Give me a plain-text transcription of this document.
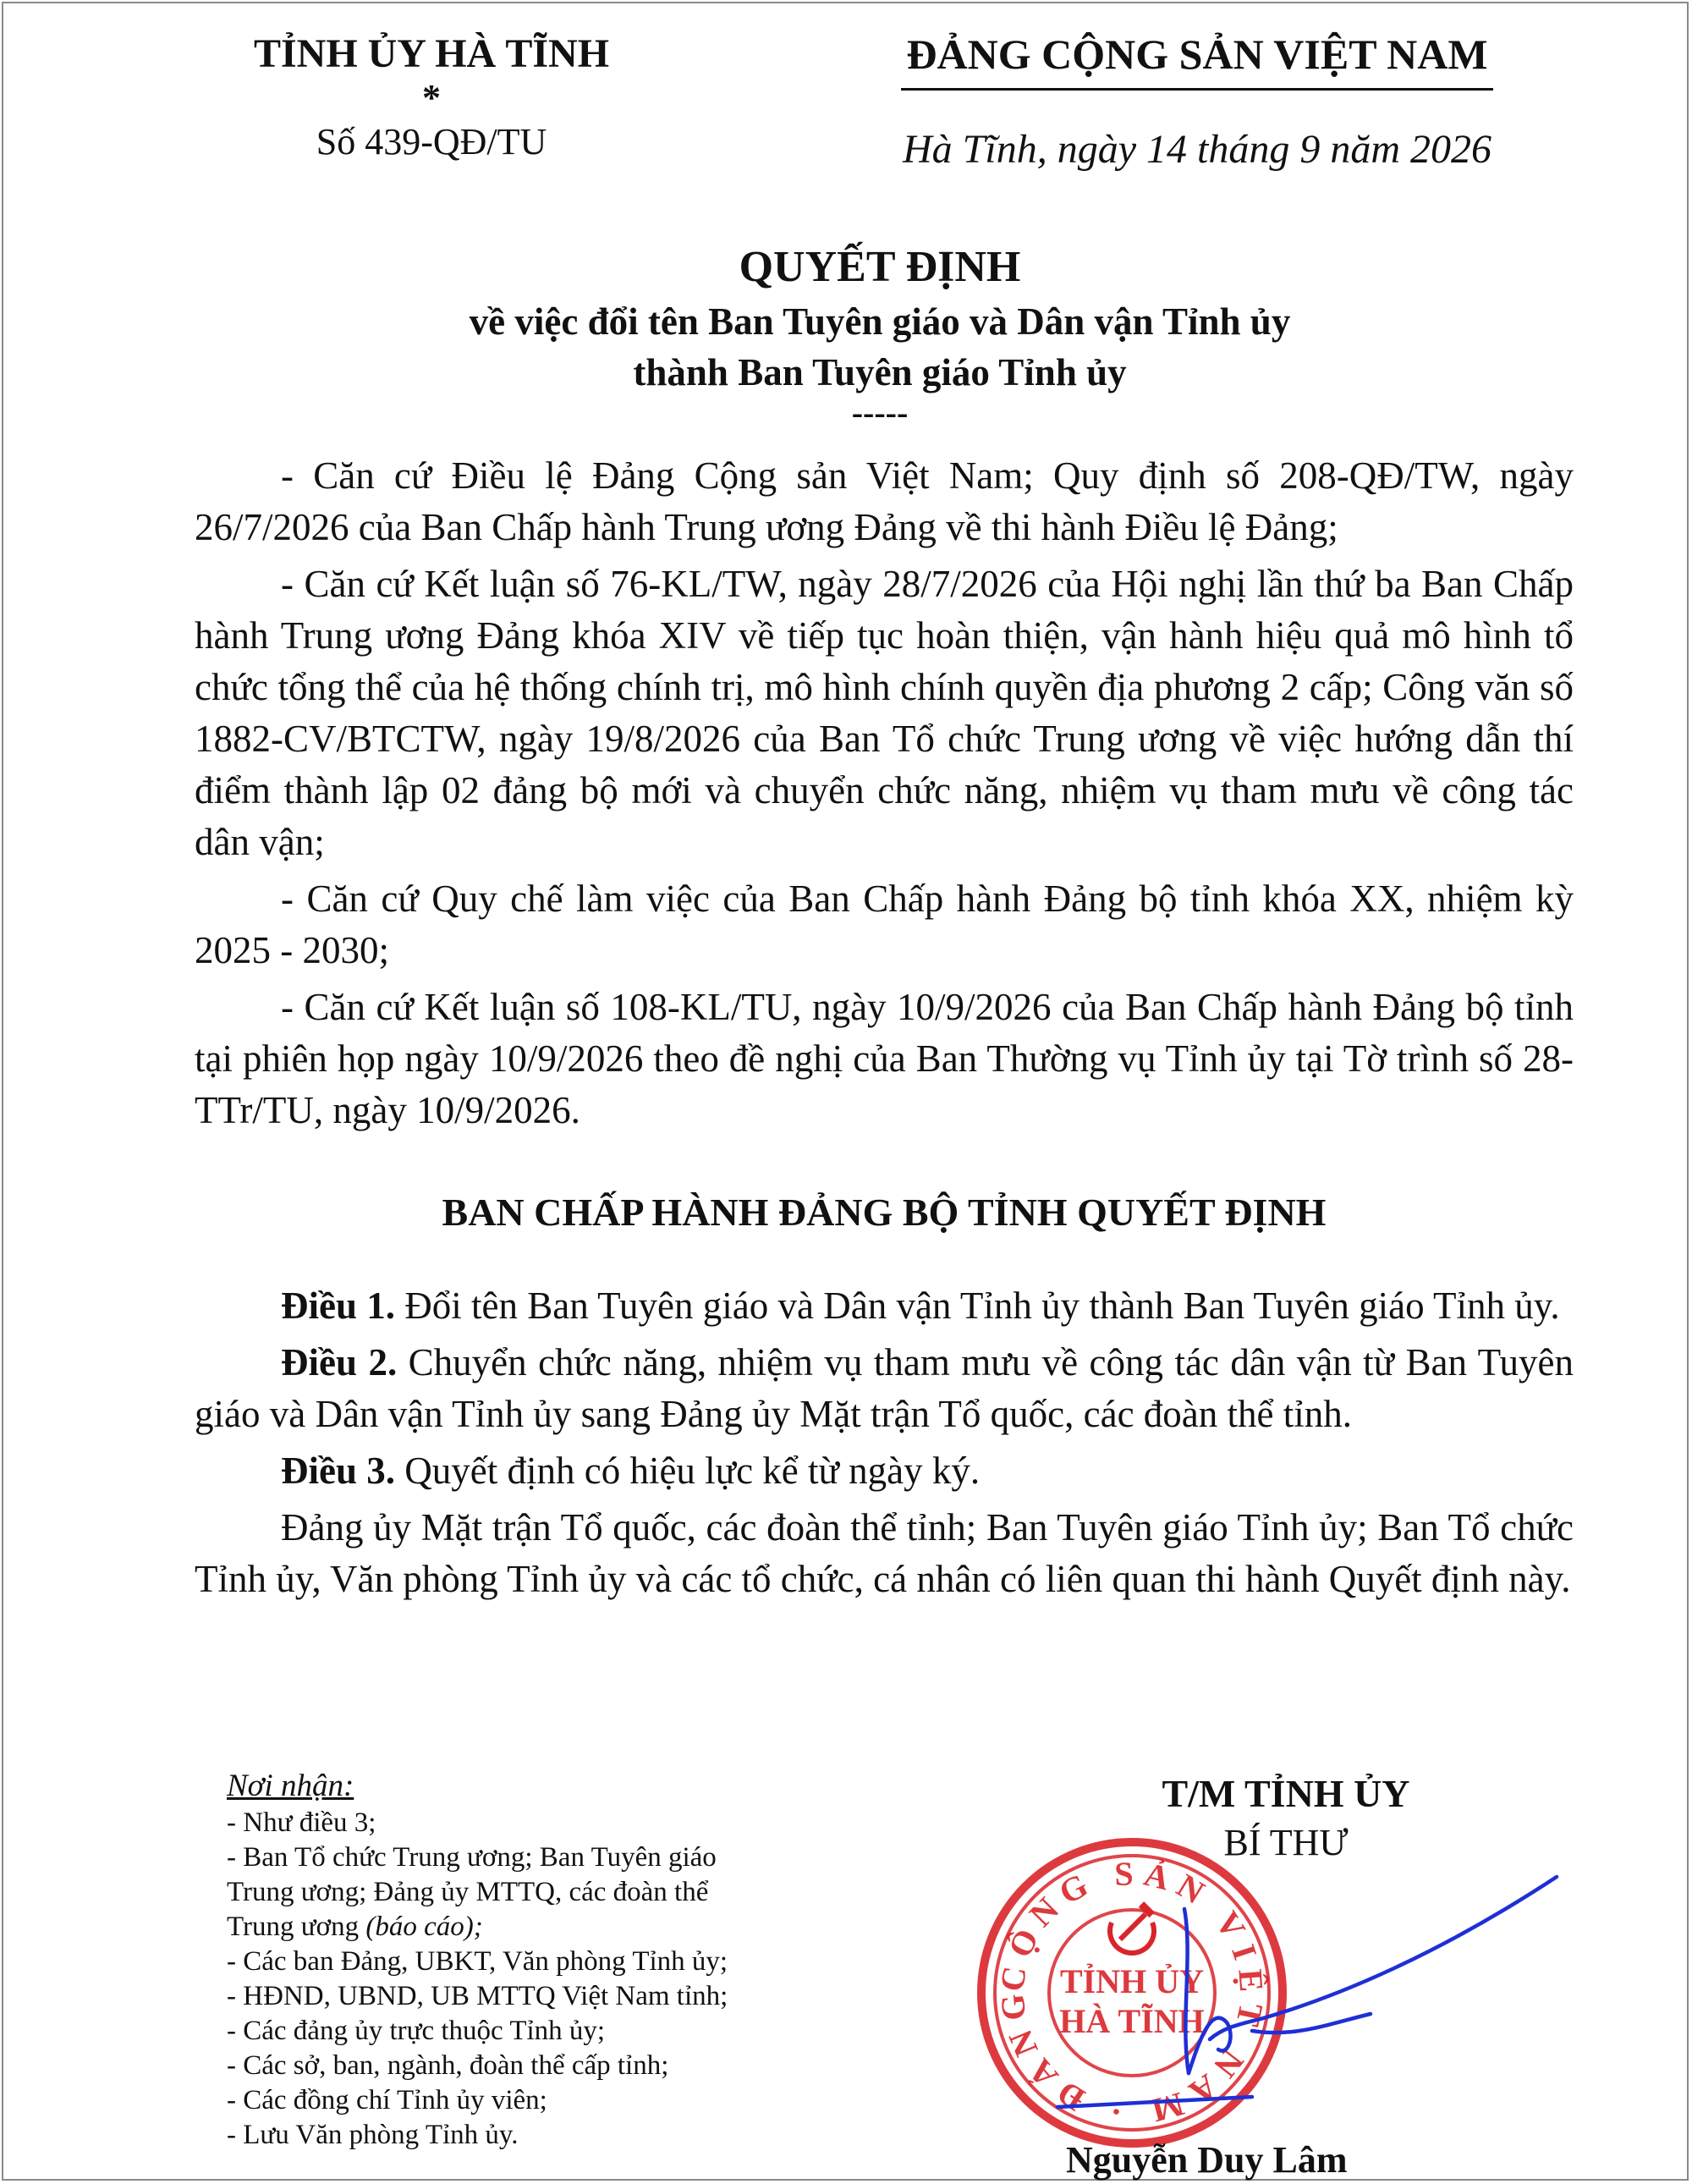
TỈNH ỦY HÀ TĨNH
*
Số 439-QĐ/TU
ĐẢNG CỘNG SẢN VIỆT NAM
Hà Tĩnh, ngày 14 tháng 9 năm 2026
QUYẾT ĐỊNH
về việc đổi tên Ban Tuyên giáo và Dân vận Tỉnh ủy
thành Ban Tuyên giáo Tỉnh ủy
-----

- Căn cứ Điều lệ Đảng Cộng sản Việt Nam; Quy định số 208-QĐ/TW, ngày 26/7/2026 của Ban Chấp hành Trung ương Đảng về thi hành Điều lệ Đảng;

- Căn cứ Kết luận số 76-KL/TW, ngày 28/7/2026 của Hội nghị lần thứ ba Ban Chấp hành Trung ương Đảng khóa XIV về tiếp tục hoàn thiện, vận hành hiệu quả mô hình tổ chức tổng thể của hệ thống chính trị, mô hình chính quyền địa phương 2 cấp; Công văn số 1882-CV/BTCTW, ngày 19/8/2026 của Ban Tổ chức Trung ương về việc hướng dẫn thí điểm thành lập 02 đảng bộ mới và chuyển chức năng, nhiệm vụ tham mưu về công tác dân vận;

- Căn cứ Quy chế làm việc của Ban Chấp hành Đảng bộ tỉnh khóa XX, nhiệm kỳ 2025 - 2030;

- Căn cứ Kết luận số 108-KL/TU, ngày 10/9/2026 của Ban Chấp hành Đảng bộ tỉnh tại phiên họp ngày 10/9/2026 theo đề nghị của Ban Thường vụ Tỉnh ủy tại Tờ trình số 28-TTr/TU, ngày 10/9/2026.

BAN CHẤP HÀNH ĐẢNG BỘ TỈNH QUYẾT ĐỊNH

Điều 1. Đổi tên Ban Tuyên giáo và Dân vận Tỉnh ủy thành Ban Tuyên giáo Tỉnh ủy.

Điều 2. Chuyển chức năng, nhiệm vụ tham mưu về công tác dân vận từ Ban Tuyên giáo và Dân vận Tỉnh ủy sang Đảng ủy Mặt trận Tổ quốc, các đoàn thể tỉnh.

Điều 3. Quyết định có hiệu lực kể từ ngày ký.

Đảng ủy Mặt trận Tổ quốc, các đoàn thể tỉnh; Ban Tuyên giáo Tỉnh ủy; Ban Tổ chức Tỉnh ủy, Văn phòng Tỉnh ủy và các tổ chức, cá nhân có liên quan thi hành Quyết định này.

Nơi nhận:
- Như điều 3;
- Ban Tổ chức Trung ương; Ban Tuyên giáo
Trung ương; Đảng ủy MTTQ, các đoàn thể
Trung ương (báo cáo);
- Các ban Đảng, UBKT, Văn phòng Tỉnh ủy;
- HĐND, UBND, UB MTTQ Việt Nam tỉnh;
- Các đảng ủy trực thuộc Tỉnh ủy;
- Các sở, ban, ngành, đoàn thể cấp tỉnh;
- Các đồng chí Tỉnh ủy viên;
- Lưu Văn phòng Tỉnh ủy.
T/M TỈNH ỦY
BÍ THƯ
CỘNG SẢN VIỆT NAM · ĐẢNG
TỈNH ỦY
HÀ TĨNH
Nguyễn Duy Lâm
